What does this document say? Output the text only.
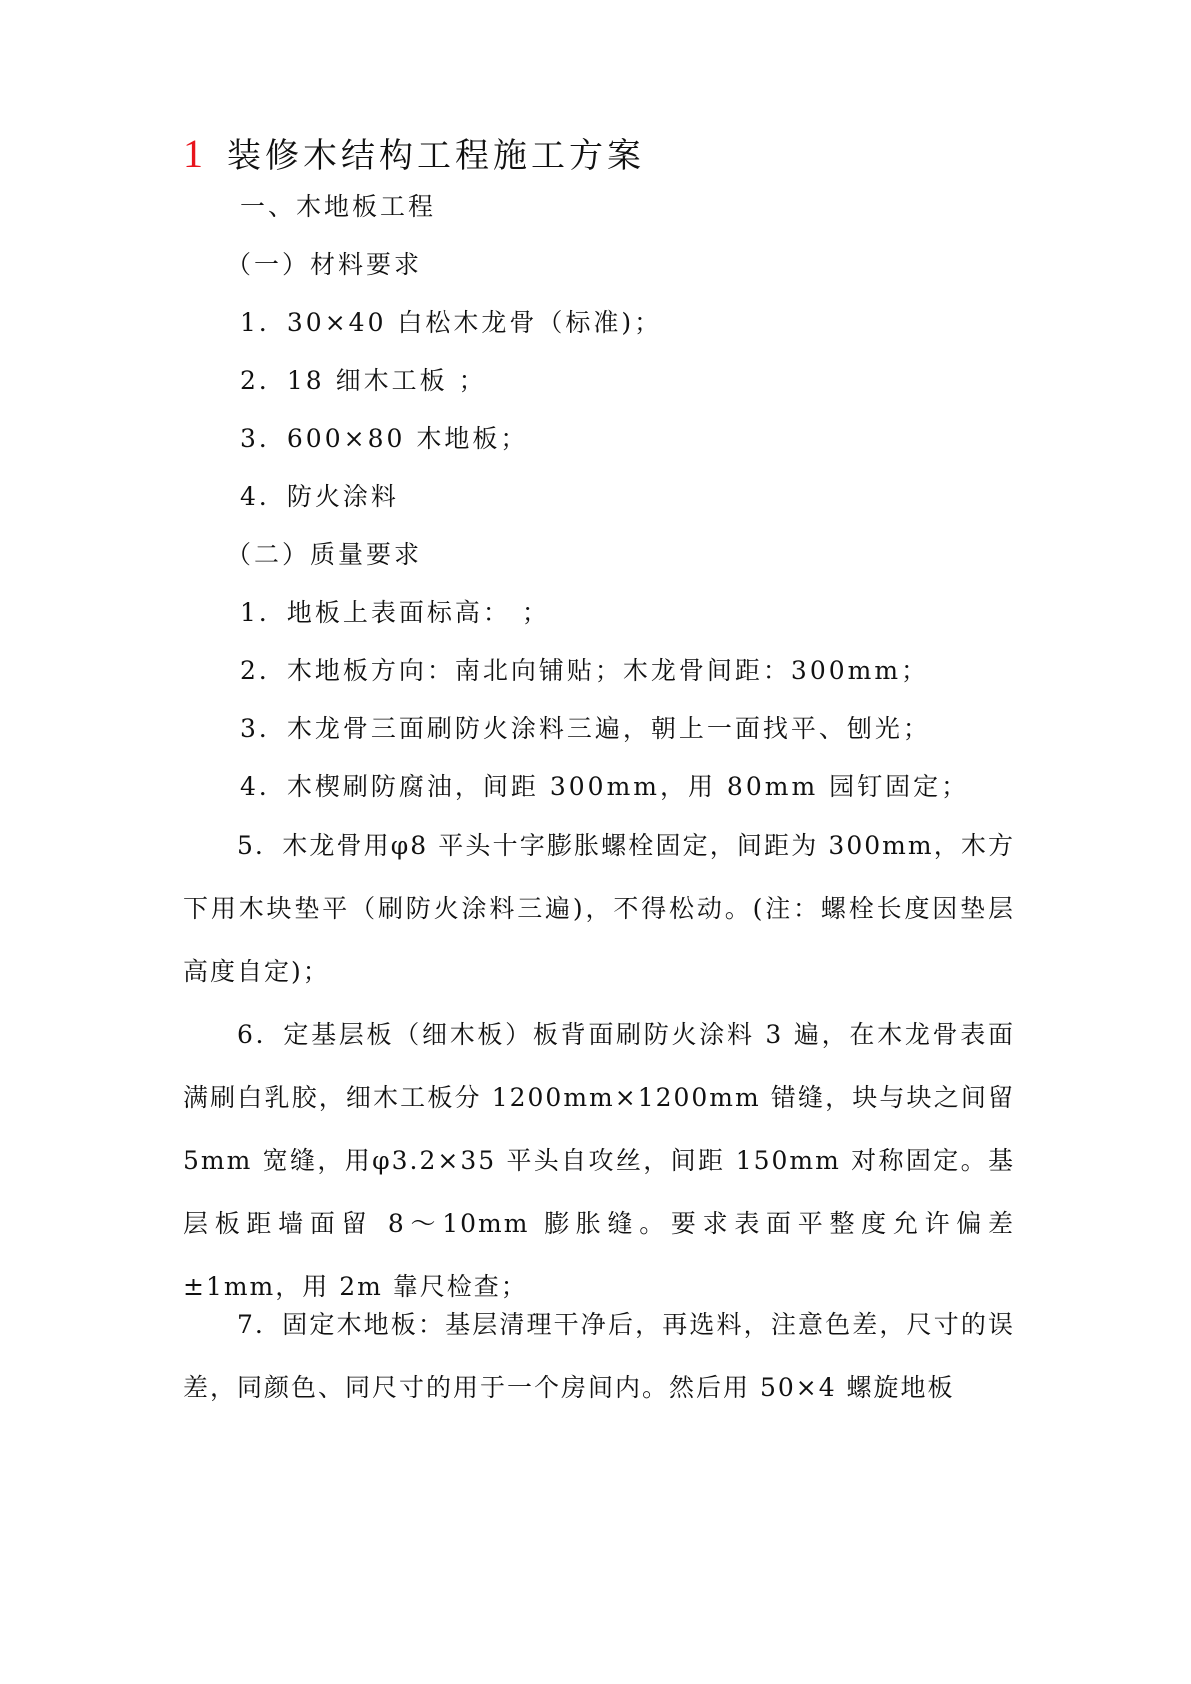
1 装修木结构工程施工方案
一、木地板工程
（一）材料要求
1．30×40 白松木龙骨（标准)；
2．18 细木工板 ；
3．600×80 木地板；
4．防火涂料
（二）质量要求
1．地板上表面标高： ；
2．木地板方向：南北向铺贴；木龙骨间距：300mm；
3．木龙骨三面刷防火涂料三遍，朝上一面找平、刨光；
4．木楔刷防腐油，间距 300mm，用 80mm 园钉固定；
5．木龙骨用φ8 平头十字膨胀螺栓固定，间距为 300mm，木方下用木块垫平（刷防火涂料三遍)，不得松动。(注：螺栓长度因垫层高度自定)；
6．定基层板（细木板）板背面刷防火涂料 3 遍，在木龙骨表面满刷白乳胶，细木工板分 1200mm×1200mm 错缝，块与块之间留 5mm 宽缝，用φ3.2×35 平头自攻丝，间距 150mm 对称固定。基层板距墙面留 8～10mm 膨胀缝。要求表面平整度允许偏差±1mm，用 2m 靠尺检查；
7．固定木地板：基层清理干净后，再选料，注意色差，尺寸的误差，同颜色、同尺寸的用于一个房间内。然后用 50×4 螺旋地板
